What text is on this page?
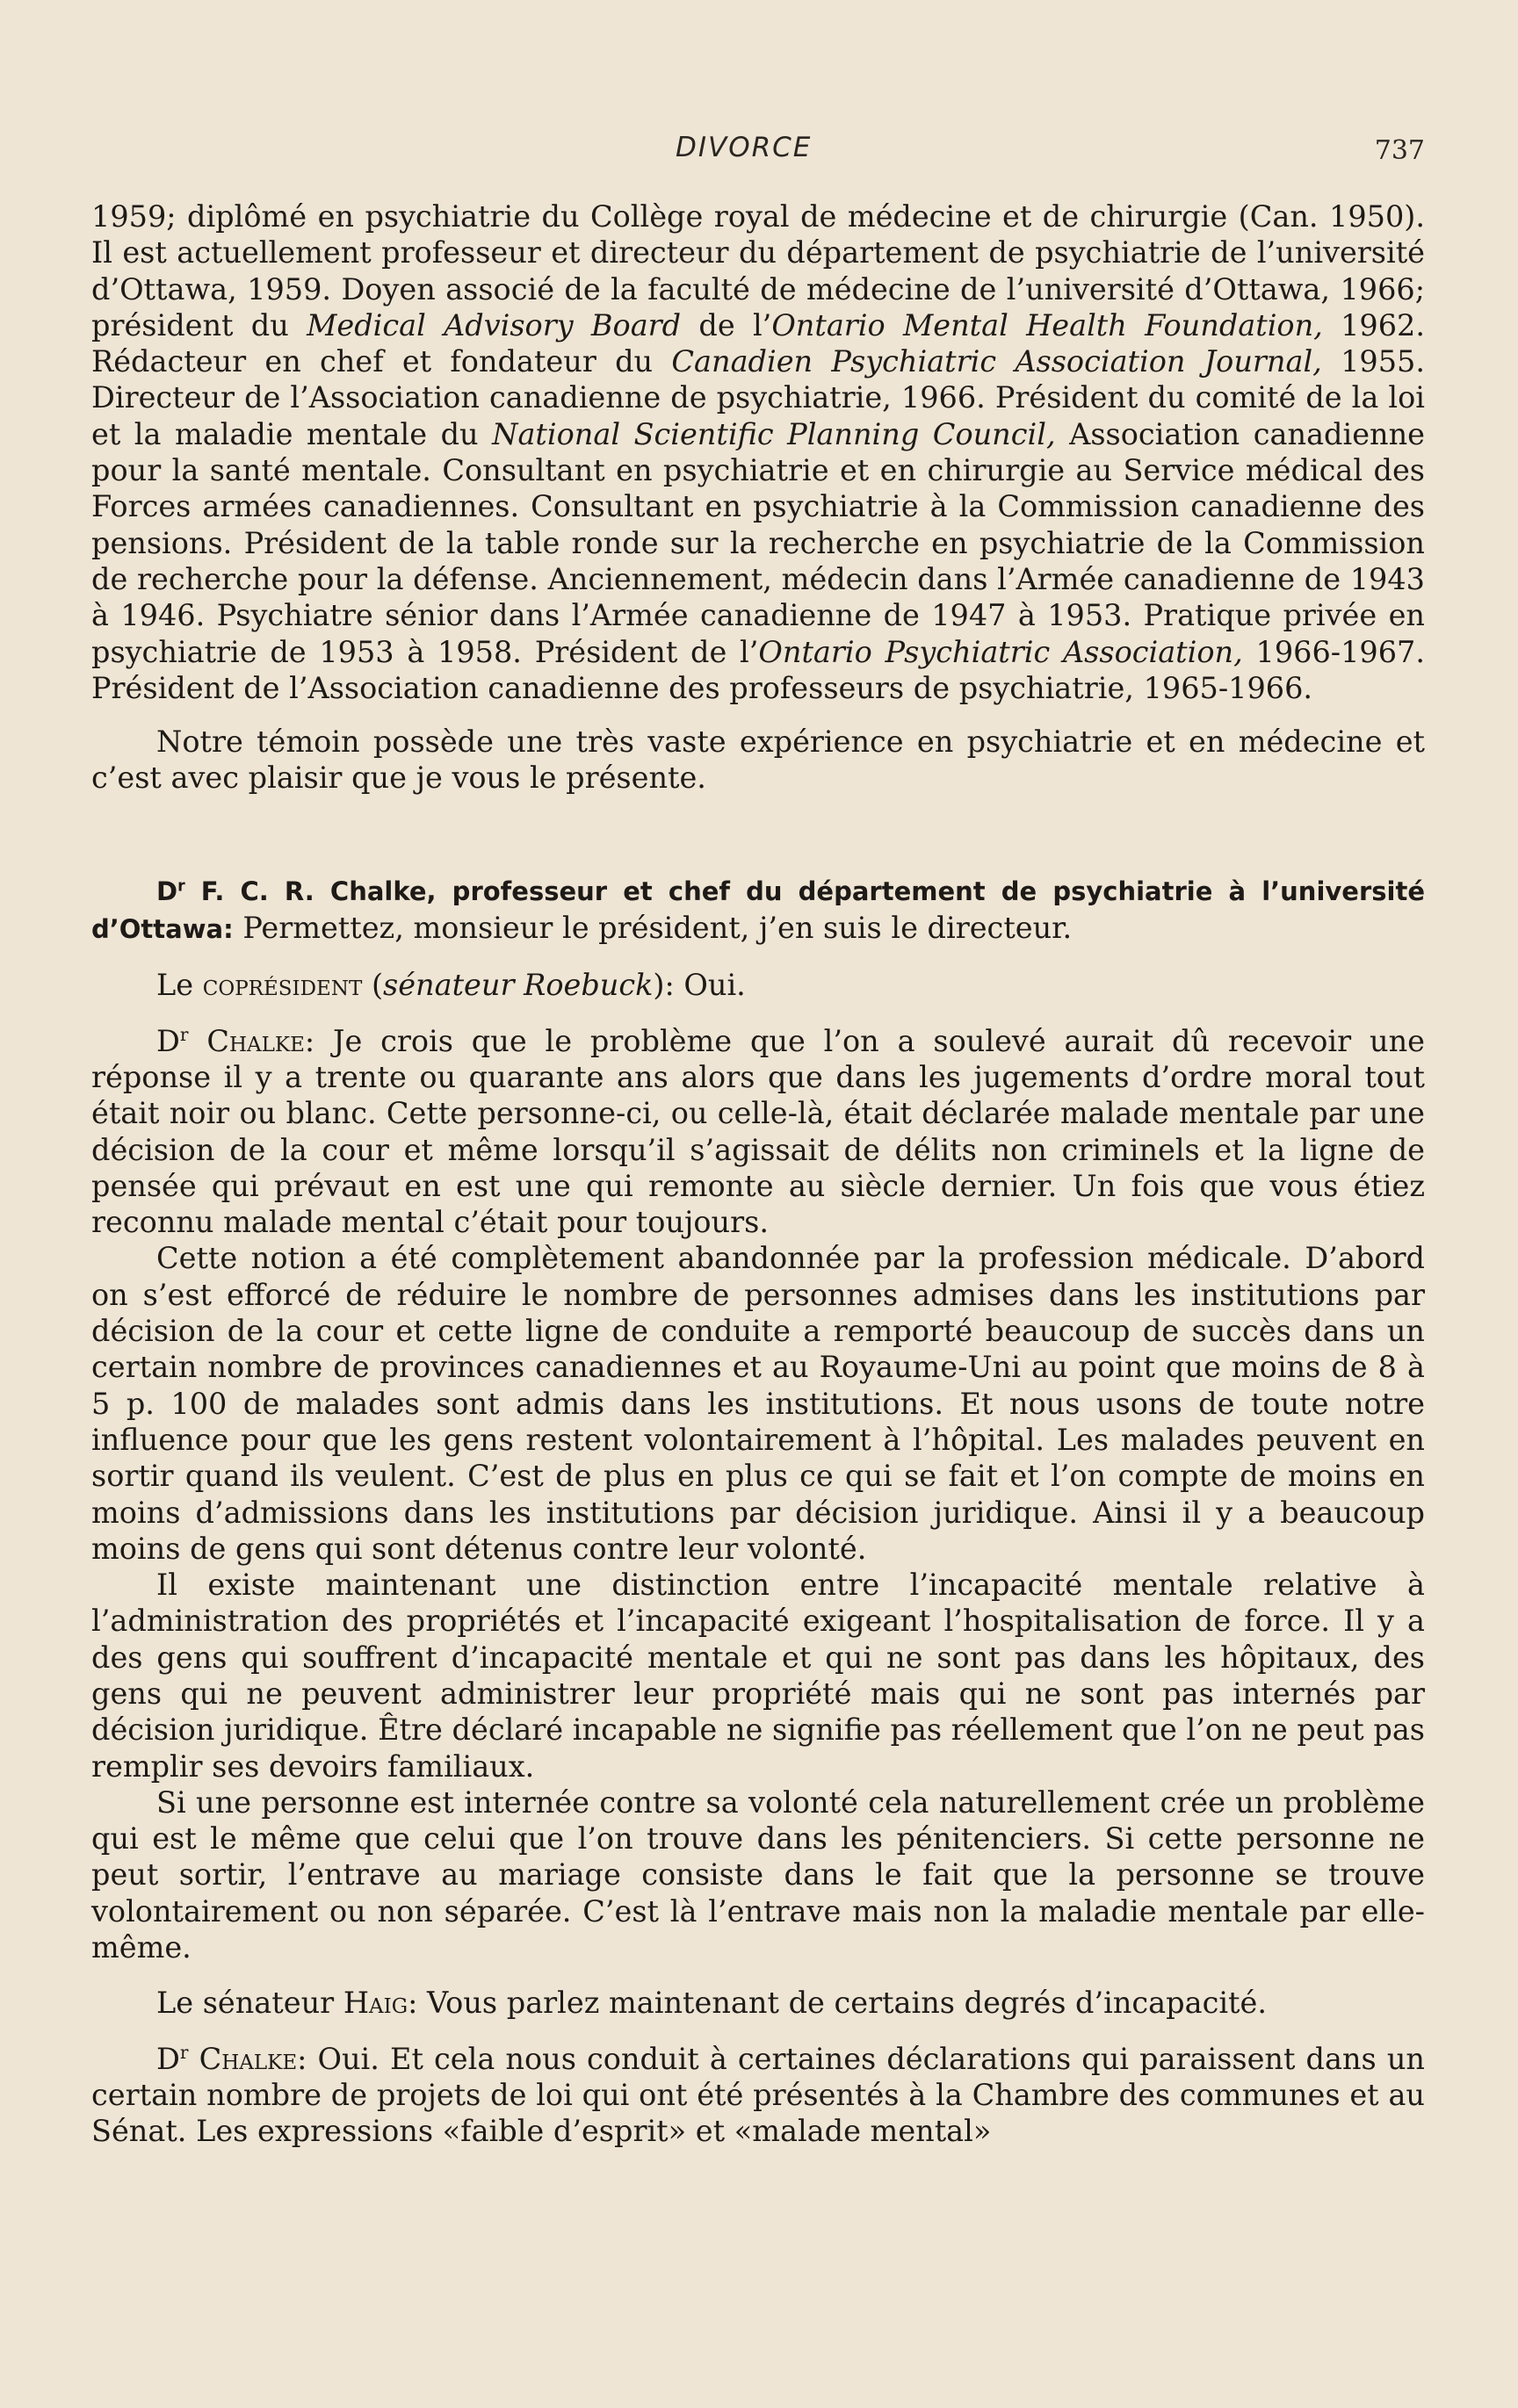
DIVORCE	737

1959; diplômé en psychiatrie du Collège royal de médecine et de chirurgie (Can. 1950). Il est actuellement professeur et directeur du département de psychiatrie de l’université d’Ottawa, 1959. Doyen associé de la faculté de médecine de l’université d’Ottawa, 1966; président du Medical Advisory Board de l’Ontario Mental Health Foundation, 1962. Rédacteur en chef et fondateur du Canadien Psychiatric Association Journal, 1955. Directeur de l’Association canadienne de psychiatrie, 1966. Président du comité de la loi et la maladie mentale du National Scientific Planning Council, Association canadienne pour la santé mentale. Consultant en psychiatrie et en chirurgie au Service médical des Forces armées canadiennes. Consultant en psychiatrie à la Commission canadienne des pensions. Président de la table ronde sur la recherche en psychiatrie de la Commission de recherche pour la défense. Anciennement, médecin dans l’Armée canadienne de 1943 à 1946. Psychiatre sénior dans l’Armée canadienne de 1947 à 1953. Pratique privée en psychiatrie de 1953 à 1958. Président de l’Ontario Psychiatric Association, 1966-1967. Président de l’Association canadienne des professeurs de psychiatrie, 1965-1966.

Notre témoin possède une très vaste expérience en psychiatrie et en médecine et c’est avec plaisir que je vous le présente.

$D^r$ F. C. R. Chalke, professeur et chef du département de psychiatrie à l’université d’Ottawa: Permettez, monsieur le président, j’en suis le directeur.

Le coprésident (sénateur Roebuck): Oui.

$D^r$ Chalke: Je crois que le problème que l’on a soulevé aurait dû recevoir une réponse il y a trente ou quarante ans alors que dans les jugements d’ordre moral tout était noir ou blanc. Cette personne-ci, ou celle-là, était déclarée malade mentale par une décision de la cour et même lorsqu’il s’agissait de délits non criminels et la ligne de pensée qui prévaut en est une qui remonte au siècle dernier. Un fois que vous étiez reconnu malade mental c’était pour toujours.

Cette notion a été complètement abandonnée par la profession médicale. D’abord on s’est efforcé de réduire le nombre de personnes admises dans les institutions par décision de la cour et cette ligne de conduite a remporté beaucoup de succès dans un certain nombre de provinces canadiennes et au Royaume-Uni au point que moins de 8 à 5 p. 100 de malades sont admis dans les institutions. Et nous usons de toute notre influence pour que les gens restent volontairement à l’hôpital. Les malades peuvent en sortir quand ils veulent. C’est de plus en plus ce qui se fait et l’on compte de moins en moins d’admissions dans les institutions par décision juridique. Ainsi il y a beaucoup moins de gens qui sont détenus contre leur volonté.

Il existe maintenant une distinction entre l’incapacité mentale relative à l’administration des propriétés et l’incapacité exigeant l’hospitalisation de force. Il y a des gens qui souffrent d’incapacité mentale et qui ne sont pas dans les hôpitaux, des gens qui ne peuvent administrer leur propriété mais qui ne sont pas internés par décision juridique. Être déclaré incapable ne signifie pas réellement que l’on ne peut pas remplir ses devoirs familiaux.

Si une personne est internée contre sa volonté cela naturellement crée un problème qui est le même que celui que l’on trouve dans les pénitenciers. Si cette personne ne peut sortir, l’entrave au mariage consiste dans le fait que la personne se trouve volontairement ou non séparée. C’est là l’entrave mais non la maladie mentale par elle-même.

Le sénateur Haig: Vous parlez maintenant de certains degrés d’incapacité.

$D^r$ Chalke: Oui. Et cela nous conduit à certaines déclarations qui paraissent dans un certain nombre de projets de loi qui ont été présentés à la Chambre des communes et au Sénat. Les expressions «faible d’esprit» et «malade mental»
